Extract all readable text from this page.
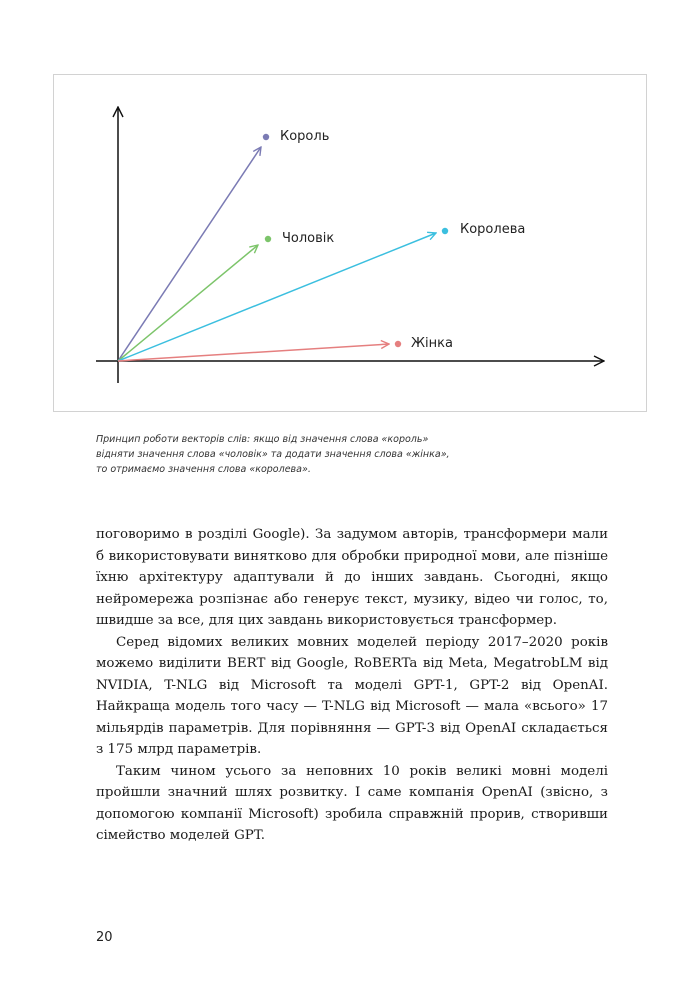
Король
Чоловік
Королева
Жінка
Принцип роботи векторів слів: якщо від значення слова «король»
відняти значення слова «чоловік» та додати значення слова «жінка»,
то отримаємо значення слова «королева».

поговоримо в розділі Google). За задумом авторів, трансформери мали б використовувати винятково для обробки природної мови, але пізніше їхню архітектуру адаптували й до інших завдань. Сьогодні, якщо нейромережа розпізнає або генерує текст, музику, відео чи голос, то, швидше за все, для цих завдань використовується трансформер.

Серед відомих великих мовних моделей періоду 2017–2020 років можемо виділити BERT від Google, RoBERTa від Meta, MegatrobLM від NVIDIA, T-NLG від Microsoft та моделі GPT-1, GPT-2 від OpenAI. Найкраща модель того часу — T-NLG від Microsoft — мала «всього» 17 мільярдів параметрів. Для порівняння — GPT-3 від OpenAI складається з 175 млрд параметрів.

Таким чином усього за неповних 10 років великі мовні моделі пройшли значний шлях розвитку. І саме компанія OpenAI (звісно, з допомогою компанії Microsoft) зробила справжній прорив, створивши сімейство моделей GPT.

20
